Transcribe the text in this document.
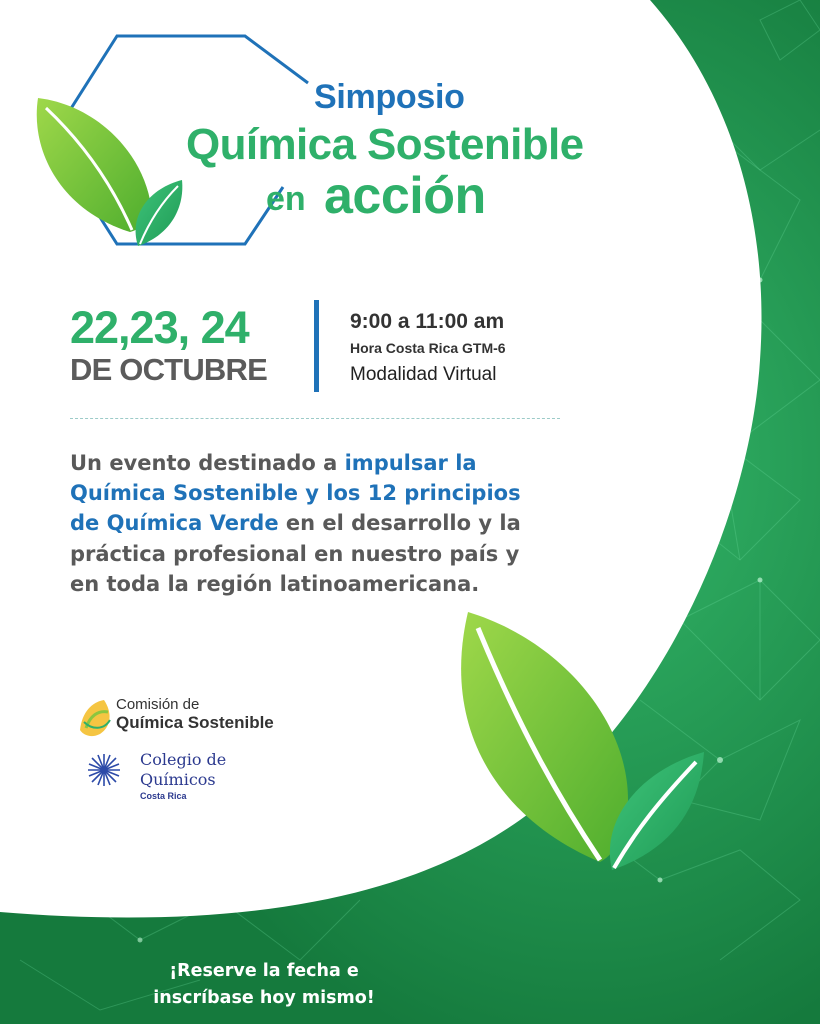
Simposio
Química Sostenible
en acción
22,23, 24
DE OCTUBRE
9:00 a 11:00 am
Hora Costa Rica GTM-6
Modalidad Virtual
Un evento destinado a impulsar la Química Sostenible y los 12 principios de Química Verde en el desarrollo y la práctica profesional en nuestro país y en toda la región latinoamericana.
Comisión de
Química Sostenible
Colegio de
Químicos
Costa Rica
¡Reserve la fecha e
inscríbase hoy mismo!
